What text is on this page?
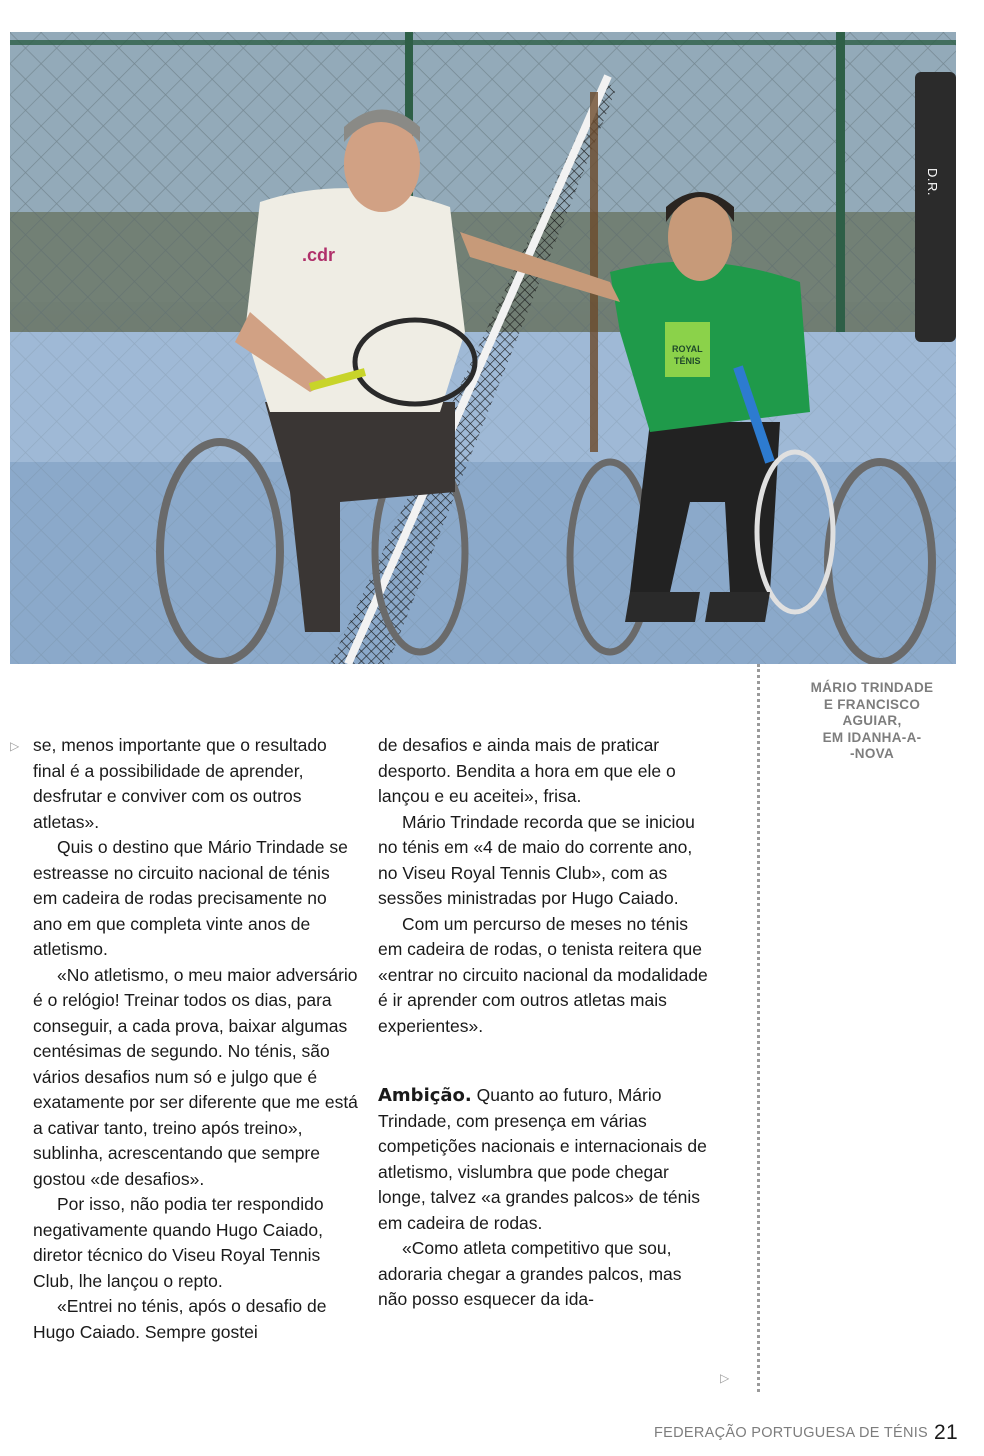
.cdr
ROYAL
TÉNIS
D.R.
MÁRIO TRINDADE
E FRANCISCO
AGUIAR,
EM IDANHA-A-
-NOVA
▷ se, menos importante que o resultado final é a possibilidade de aprender, desfrutar e conviver com os outros atletas».

Quis o destino que Mário Trindade se estreasse no circuito nacional de ténis em cadeira de rodas precisamente no ano em que completa vinte anos de atletismo.

«No atletismo, o meu maior adversário é o relógio! Treinar todos os dias, para conseguir, a cada prova, baixar algumas centésimas de segundo. No ténis, são vários desafios num só e julgo que é exatamente por ser diferente que me está a cativar tanto, treino após treino», sublinha, acrescentando que sempre gostou «de desafios».

Por isso, não podia ter respondido negativamente quando Hugo Caiado, diretor técnico do Viseu Royal Tennis Club, lhe lançou o repto.

«Entrei no ténis, após o desafio de Hugo Caiado. Sempre gostei

de desafios e ainda mais de praticar desporto. Bendita a hora em que ele o lançou e eu aceitei», frisa.

Mário Trindade recorda que se iniciou no ténis em «4 de maio do corrente ano, no Viseu Royal Tennis Club», com as sessões ministradas por Hugo Caiado.

Com um percurso de meses no ténis em cadeira de rodas, o tenista reitera que «entrar no circuito nacional da modalidade é ir aprender com outros atletas mais experientes».

Ambição. Quanto ao futuro, Mário Trindade, com presença em várias competições nacionais e internacionais de atletismo, vislumbra que pode chegar longe, talvez «a grandes palcos» de ténis em cadeira de rodas.

«Como atleta competitivo que sou, adoraria chegar a grandes palcos, mas não posso esquecer da ida-

▷
FEDERAÇÃO PORTUGUESA DE TÉNIS 21
